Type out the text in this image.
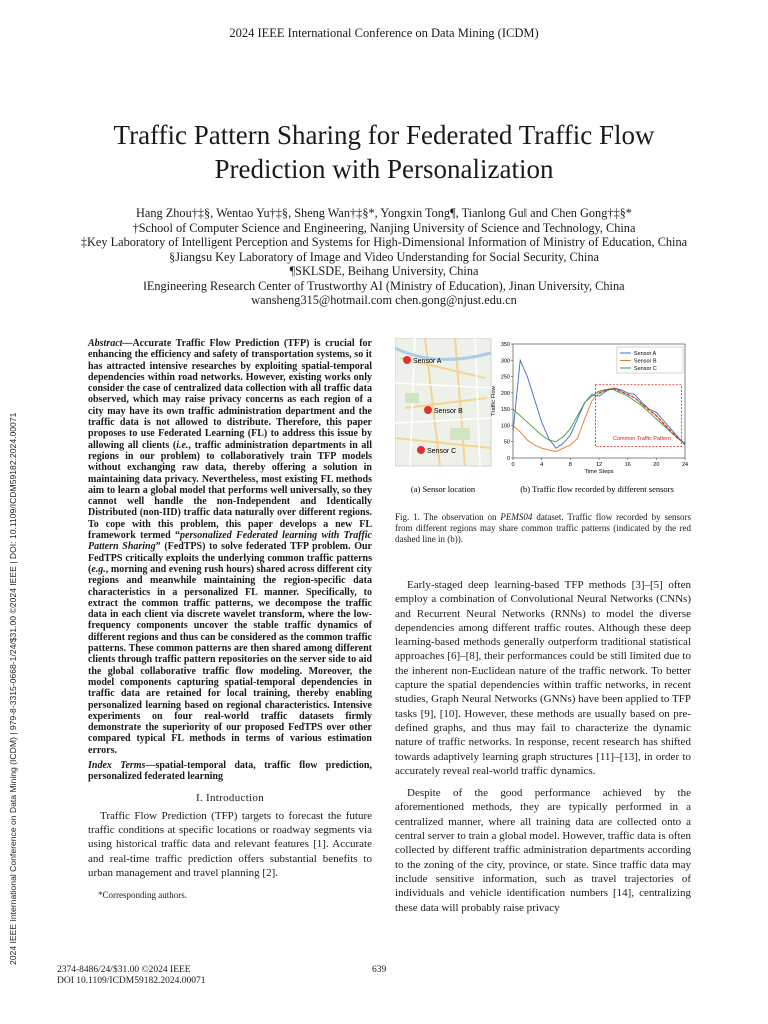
2024 IEEE International Conference on Data Mining (ICDM)
Traffic Pattern Sharing for Federated Traffic Flow
Prediction with Personalization
Hang Zhou†‡§, Wentao Yu†‡§, Sheng Wan†‡§*, Yongxin Tong¶, Tianlong Gu‖ and Chen Gong†‡§*
†School of Computer Science and Engineering, Nanjing University of Science and Technology, China
‡Key Laboratory of Intelligent Perception and Systems for High-Dimensional Information of Ministry of Education, China
§Jiangsu Key Laboratory of Image and Video Understanding for Social Security, China
¶SKLSDE, Beihang University, China
‖Engineering Research Center of Trustworthy AI (Ministry of Education), Jinan University, China
wansheng315@hotmail.com chen.gong@njust.edu.cn
2024 IEEE International Conference on Data Mining (ICDM) | 979-8-3315-0668-1/24/$31.00 ©2024 IEEE | DOI: 10.1109/ICDM59182.2024.00071
Abstract—Accurate Traffic Flow Prediction (TFP) is crucial for enhancing the efficiency and safety of transportation systems, so it has attracted intensive researches by exploiting spatial-temporal dependencies within road networks. However, existing works only consider the case of centralized data collection with all traffic data observed, which may raise privacy concerns as each region of a city may have its own traffic administration department and the traffic data is not allowed to distribute. Therefore, this paper proposes to use Federated Learning (FL) to address this issue by allowing all clients (i.e., traffic administration departments in all regions in our problem) to collaboratively train TFP models without exchanging raw data, thereby offering a solution in maintaining data privacy. Nevertheless, most existing FL methods aim to learn a global model that performs well universally, so they cannot well handle the non-Independent and Identically Distributed (non-IID) traffic data naturally over different regions. To cope with this problem, this paper develops a new FL framework termed “personalized Federated learning with Traffic Pattern Sharing” (FedTPS) to solve federated TFP problem. Our FedTPS critically exploits the underlying common traffic patterns (e.g., morning and evening rush hours) shared across different city regions and meanwhile maintaining the region-specific data characteristics in a personalized FL manner. Specifically, to extract the common traffic patterns, we decompose the traffic data in each client via discrete wavelet transform, where the low-frequency components uncover the stable traffic dynamics of different regions and thus can be considered as the common traffic patterns. These common patterns are then shared among different clients through traffic pattern repositories on the server side to aid the global collaborative traffic flow modeling. Moreover, the model components capturing spatial-temporal dependencies in traffic data are retained for local training, thereby enabling personalized learning based on regional characteristics. Intensive experiments on four real-world traffic datasets firmly demonstrate the superiority of our proposed FedTPS over other compared typical FL methods in terms of various estimation errors.
Index Terms—spatial-temporal data, traffic flow prediction, personalized federated learning
I. Introduction

Traffic Flow Prediction (TFP) targets to forecast the future traffic conditions at specific locations or roadway segments via using historical traffic data and relevant features [1]. Accurate and real-time traffic prediction offers substantial benefits to urban management and travel planning [2].

*Corresponding authors.
Sensor A
Sensor B
Sensor C
0
50
100
150
200
250
300
350
0	4	8	12	16	20	24
Time Steps
Traffic Flow
Common Traffic Pattern
Sensor A
Sensor B
Sensor C
(a) Sensor location	(b) Traffic flow recorded by different sensors
Fig. 1. The observation on PEMS04 dataset. Traffic flow recorded by sensors from different regions may share common traffic patterns (indicated by the red dashed line in (b)).

Early-staged deep learning-based TFP methods [3]–[5] often employ a combination of Convolutional Neural Networks (CNNs) and Recurrent Neural Networks (RNNs) to model the diverse dependencies among different traffic routes. Although these deep learning-based methods generally outperform traditional statistical approaches [6]–[8], their performances could be still limited due to the inherent non-Euclidean nature of the traffic network. To better capture the spatial dependencies within traffic networks, in recent studies, Graph Neural Networks (GNNs) have been applied to TFP tasks [9], [10]. However, these methods are usually based on pre-defined graphs, and thus may fail to characterize the dynamic nature of traffic networks. In response, recent research has shifted towards adaptively learning graph structures [11]–[13], in order to accurately reveal real-world traffic dynamics.

Despite of the good performance achieved by the aforementioned methods, they are typically performed in a centralized manner, where all training data are collected onto a central server to train a global model. However, traffic data is often collected by different traffic administration departments according to the zoning of the city, province, or state. Since traffic data may include sensitive information, such as travel trajectories of individuals and vehicle identification numbers [14], centralizing these data will probably raise privacy

2374-8486/24/$31.00 ©2024 IEEE
DOI 10.1109/ICDM59182.2024.00071
639
